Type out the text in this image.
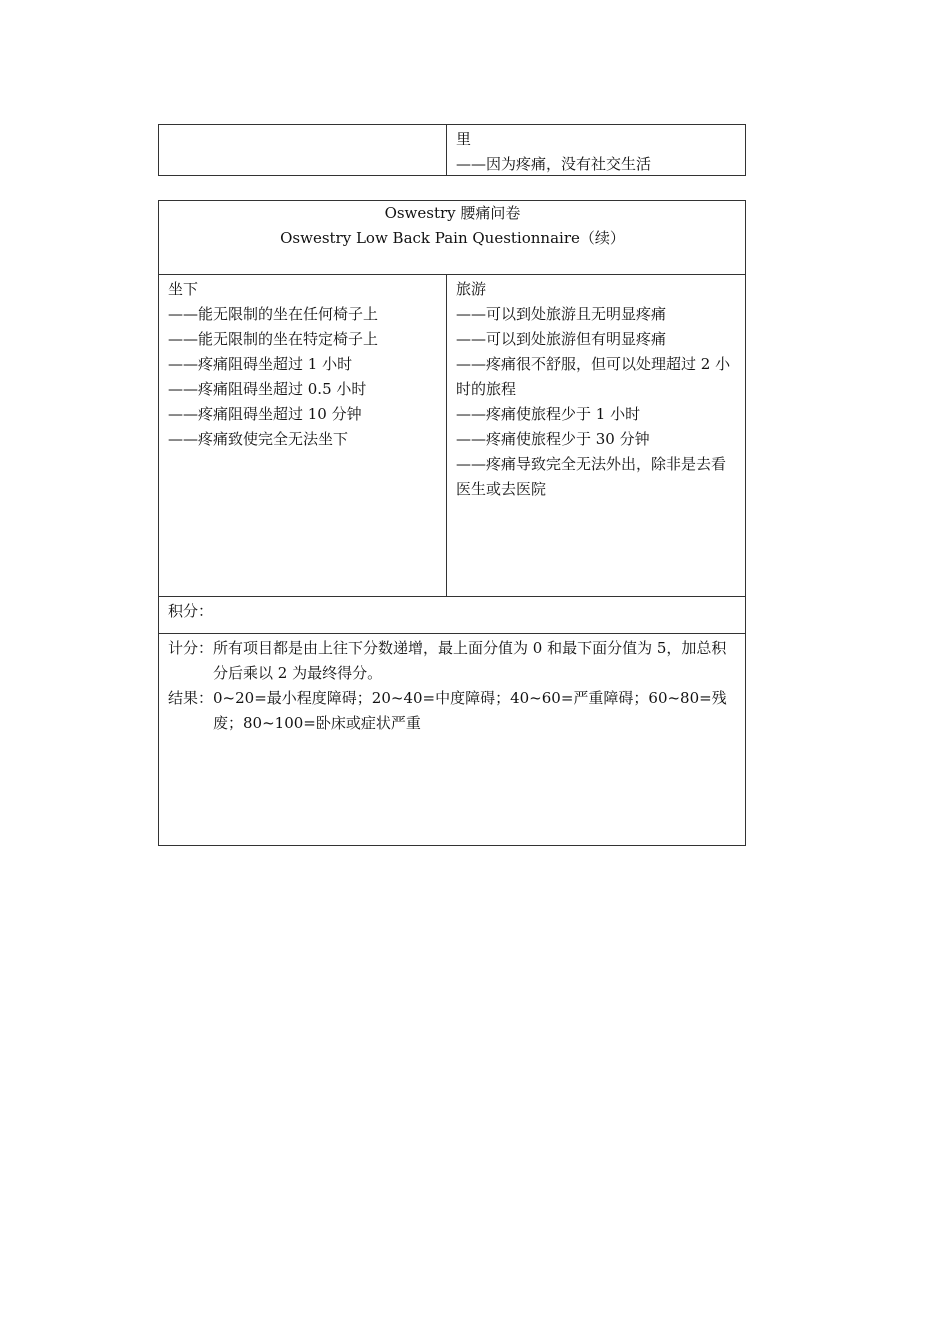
里
——因为疼痛，没有社交生活
Oswestry 腰痛问卷
Oswestry Low Back Pain Questionnaire（续）
坐下
——能无限制的坐在任何椅子上
——能无限制的坐在特定椅子上
——疼痛阻碍坐超过 1 小时
——疼痛阻碍坐超过 0.5 小时
——疼痛阻碍坐超过 10 分钟
——疼痛致使完全无法坐下
旅游
——可以到处旅游且无明显疼痛
——可以到处旅游但有明显疼痛
——疼痛很不舒服，但可以处理超过 2 小时的旅程
——疼痛使旅程少于 1 小时
——疼痛使旅程少于 30 分钟
——疼痛导致完全无法外出，除非是去看医生或去医院
积分：
计分： 所有项目都是由上往下分数递增，最上面分值为 0 和最下面分值为 5，加总积分后乘以 2 为最终得分。
结果： 0~20=最小程度障碍；20~40=中度障碍；40~60=严重障碍；60~80=残废；80~100=卧床或症状严重
